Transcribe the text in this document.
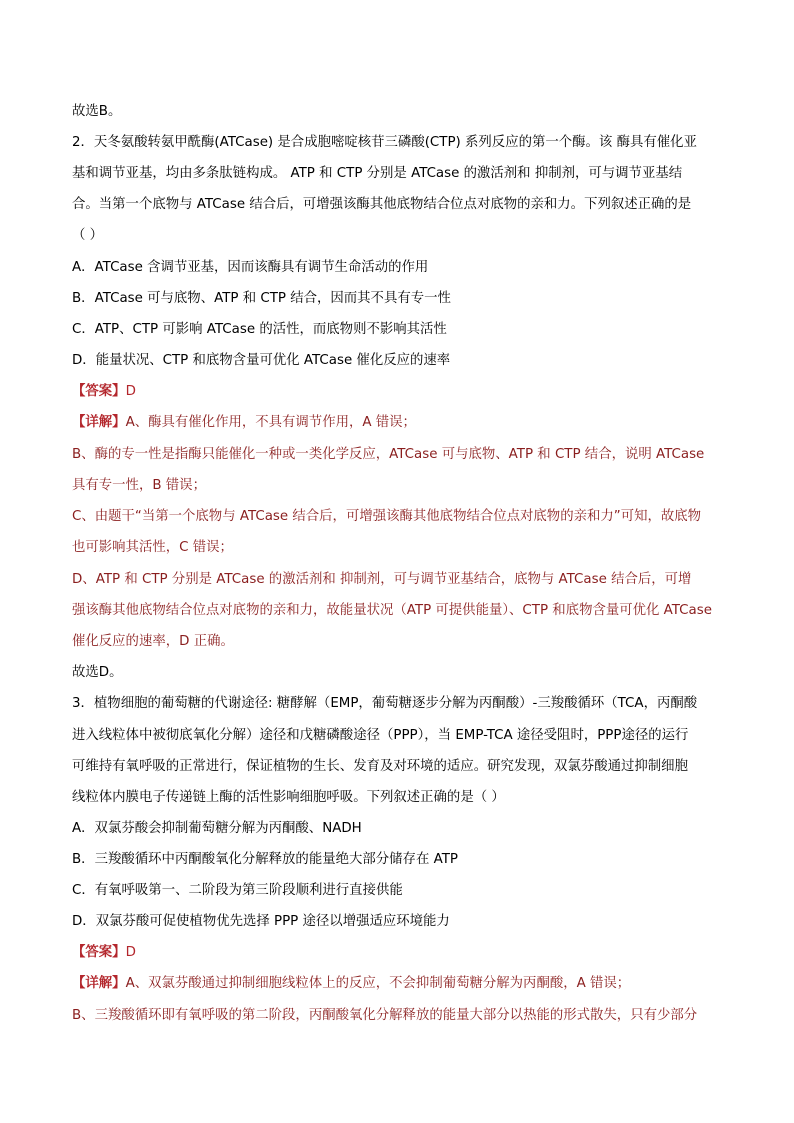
故选B。
2．天冬氨酸转氨甲酰酶(ATCase) 是合成胞嘧啶核苷三磷酸(CTP) 系列反应的第一个酶。该 酶具有催化亚
基和调节亚基，均由多条肽链构成。 ATP 和 CTP 分别是 ATCase 的激活剂和 抑制剂，可与调节亚基结
合。当第一个底物与 ATCase 结合后，可增强该酶其他底物结合位点对底物的亲和力。下列叙述正确的是
（ ）
A．ATCase 含调节亚基，因而该酶具有调节生命活动的作用
B．ATCase 可与底物、ATP 和 CTP 结合，因而其不具有专一性
C．ATP、CTP 可影响 ATCase 的活性，而底物则不影响其活性
D．能量状况、CTP 和底物含量可优化 ATCase 催化反应的速率
【答案】D
【详解】A、酶具有催化作用，不具有调节作用，A 错误；
B、酶的专一性是指酶只能催化一种或一类化学反应，ATCase 可与底物、ATP 和 CTP 结合，说明 ATCase
具有专一性，B 错误；
C、由题干“当第一个底物与 ATCase 结合后，可增强该酶其他底物结合位点对底物的亲和力”可知，故底物
也可影响其活性，C 错误；
D、ATP 和 CTP 分别是 ATCase 的激活剂和 抑制剂，可与调节亚基结合，底物与 ATCase 结合后，可增
强该酶其他底物结合位点对底物的亲和力，故能量状况（ATP 可提供能量）、CTP 和底物含量可优化 ATCase
催化反应的速率，D 正确。
故选D。
3．植物细胞的葡萄糖的代谢途径: 糖酵解（EMP，葡萄糖逐步分解为丙酮酸）-三羧酸循环（TCA，丙酮酸
进入线粒体中被彻底氧化分解）途径和戊糖磷酸途径（PPP），当 EMP-TCA 途径受阻时，PPP途径的运行
可维持有氧呼吸的正常进行，保证植物的生长、发育及对环境的适应。研究发现，双氯芬酸通过抑制细胞
线粒体内膜电子传递链上酶的活性影响细胞呼吸。下列叙述正确的是（ ）
A．双氯芬酸会抑制葡萄糖分解为丙酮酸、NADH
B．三羧酸循环中丙酮酸氧化分解释放的能量绝大部分储存在 ATP
C．有氧呼吸第一、二阶段为第三阶段顺利进行直接供能
D．双氯芬酸可促使植物优先选择 PPP 途径以增强适应环境能力
【答案】D
【详解】A、双氯芬酸通过抑制细胞线粒体上的反应，不会抑制葡萄糖分解为丙酮酸，A 错误；
B、三羧酸循环即有氧呼吸的第二阶段，丙酮酸氧化分解释放的能量大部分以热能的形式散失，只有少部分
